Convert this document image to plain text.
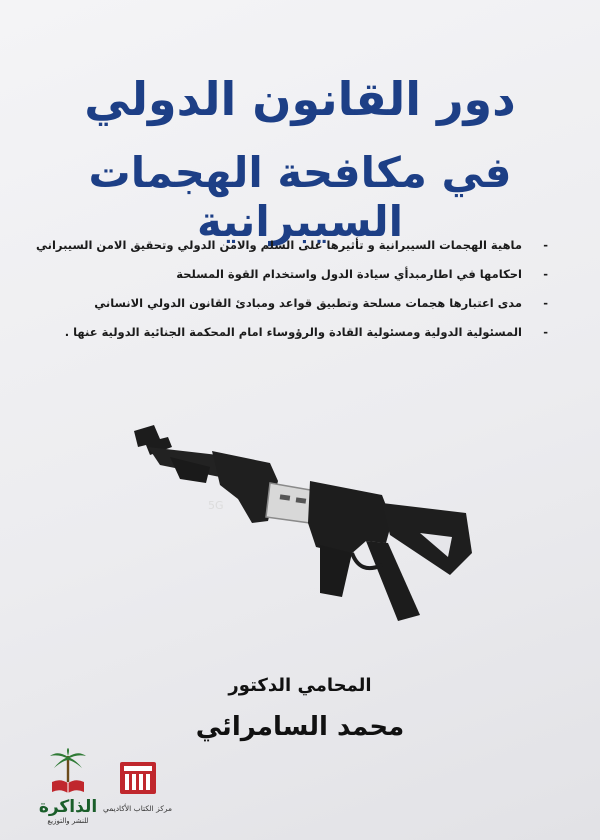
دور القانون الدولي
في مكافحة الهجمات السيبرانية	-
ماهية الهجمات السيبرانية و تأثيرها على السلم والامن الدولي وتحقيق الامن السيبراني
-
احكامها في اطارمبدأي سيادة الدول واستخدام القوة المسلحة
-
مدى اعتبارها هجمات مسلحة وتطبيق قواعد ومبادئ القانون الدولي الانساني
-
المسئولية الدولية ومسئولية القادة والرؤوساء امام المحكمة الجنائية الدولية عنها .
5G
المحامي الدكتور
محمد السامرائي
الذاكرة
للنشر والتوزيع
مركز الكتاب الأكاديمي
